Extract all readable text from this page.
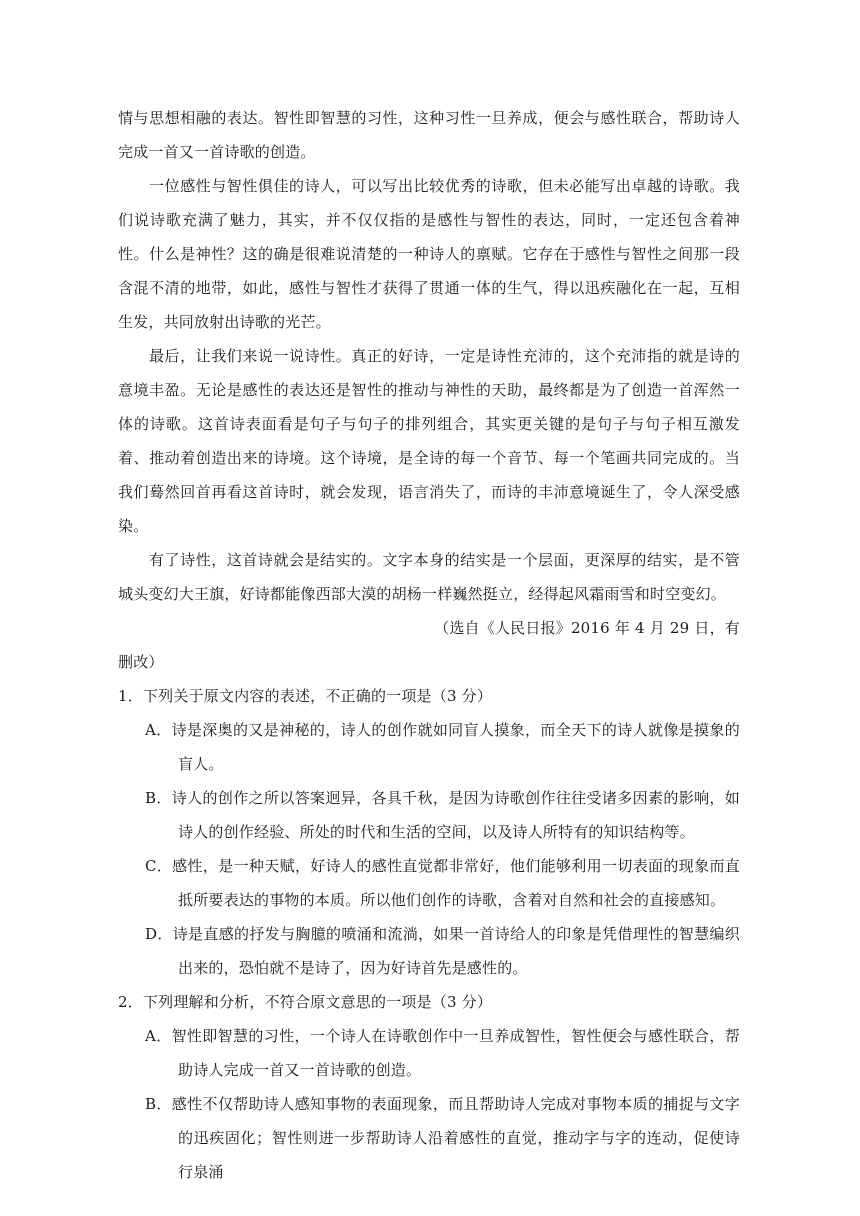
情与思想相融的表达。智性即智慧的习性，这种习性一旦养成，便会与感性联合，帮助诗人完成一首又一首诗歌的创造。

一位感性与智性俱佳的诗人，可以写出比较优秀的诗歌，但未必能写出卓越的诗歌。我们说诗歌充满了魅力，其实，并不仅仅指的是感性与智性的表达，同时，一定还包含着神性。什么是神性？这的确是很难说清楚的一种诗人的禀赋。它存在于感性与智性之间那一段含混不清的地带，如此，感性与智性才获得了贯通一体的生气，得以迅疾融化在一起，互相生发，共同放射出诗歌的光芒。

最后，让我们来说一说诗性。真正的好诗，一定是诗性充沛的，这个充沛指的就是诗的意境丰盈。无论是感性的表达还是智性的推动与神性的天助，最终都是为了创造一首浑然一体的诗歌。这首诗表面看是句子与句子的排列组合，其实更关键的是句子与句子相互激发着、推动着创造出来的诗境。这个诗境，是全诗的每一个音节、每一个笔画共同完成的。当我们蓦然回首再看这首诗时，就会发现，语言消失了，而诗的丰沛意境诞生了，令人深受感染。

有了诗性，这首诗就会是结实的。文字本身的结实是一个层面，更深厚的结实，是不管城头变幻大王旗，好诗都能像西部大漠的胡杨一样巍然挺立，经得起风霜雨雪和时空变幻。

（选自《人民日报》2016 年 4 月 29 日，有

删改）

1．下列关于原文内容的表述，不正确的一项是（3 分）

A．诗是深奥的又是神秘的，诗人的创作就如同盲人摸象，而全天下的诗人就像是摸象的盲人。

B．诗人的创作之所以答案迥异，各具千秋，是因为诗歌创作往往受诸多因素的影响，如诗人的创作经验、所处的时代和生活的空间，以及诗人所特有的知识结构等。

C．感性，是一种天赋，好诗人的感性直觉都非常好，他们能够利用一切表面的现象而直抵所要表达的事物的本质。所以他们创作的诗歌，含着对自然和社会的直接感知。

D．诗是直感的抒发与胸臆的喷涌和流淌，如果一首诗给人的印象是凭借理性的智慧编织出来的，恐怕就不是诗了，因为好诗首先是感性的。

2．下列理解和分析，不符合原文意思的一项是（3 分）

A．智性即智慧的习性，一个诗人在诗歌创作中一旦养成智性，智性便会与感性联合，帮助诗人完成一首又一首诗歌的创造。

B．感性不仅帮助诗人感知事物的表面现象，而且帮助诗人完成对事物本质的捕捉与文字的迅疾固化；智性则进一步帮助诗人沿着感性的直觉，推动字与字的连动，促使诗行泉涌
